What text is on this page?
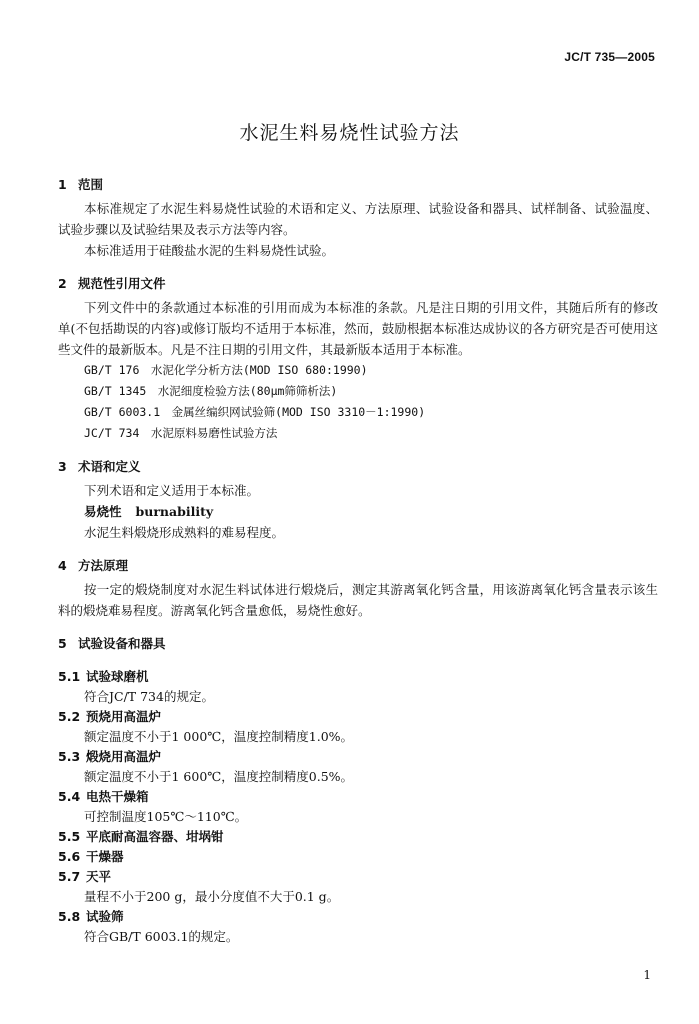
JC/T 735—2005
水泥生料易烧性试验方法
1 范围
本标准规定了水泥生料易烧性试验的术语和定义、方法原理、试验设备和器具、试样制备、试验温度、试验步骤以及试验结果及表示方法等内容。
本标准适用于硅酸盐水泥的生料易烧性试验。
2 规范性引用文件
下列文件中的条款通过本标准的引用而成为本标准的条款。凡是注日期的引用文件，其随后所有的修改单(不包括勘误的内容)或修订版均不适用于本标准，然而，鼓励根据本标准达成协议的各方研究是否可使用这些文件的最新版本。凡是不注日期的引用文件，其最新版本适用于本标准。
GB/T 176　水泥化学分析方法(MOD ISO 680:1990)
GB/T 1345　水泥细度检验方法(80μm筛筛析法)
GB/T 6003.1　金属丝编织网试验筛(MOD ISO 3310－1:1990)
JC/T 734　水泥原料易磨性试验方法
3 术语和定义
下列术语和定义适用于本标准。
易烧性 burnability
水泥生料煅烧形成熟料的难易程度。
4 方法原理
按一定的煅烧制度对水泥生料试体进行煅烧后，测定其游离氧化钙含量，用该游离氧化钙含量表示该生料的煅烧难易程度。游离氧化钙含量愈低，易烧性愈好。
5 试验设备和器具
5.1 试验球磨机
符合JC/T 734的规定。
5.2 预烧用高温炉
额定温度不小于1 000℃，温度控制精度1.0%。
5.3 煅烧用高温炉
额定温度不小于1 600℃，温度控制精度0.5%。
5.4 电热干燥箱
可控制温度105℃～110℃。
5.5 平底耐高温容器、坩埚钳
5.6 干燥器
5.7 天平
量程不小于200 g，最小分度值不大于0.1 g。
5.8 试验筛
符合GB/T 6003.1的规定。
1
